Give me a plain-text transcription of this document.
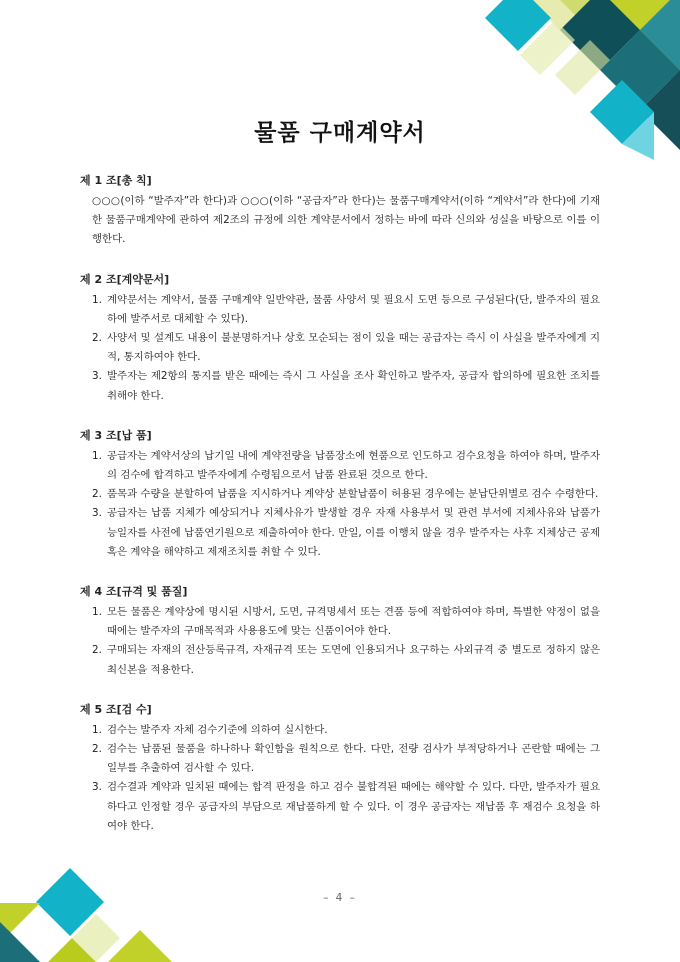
물품 구매계약서
제 1 조[총 칙]

○○○(이하 “발주자”라 한다)과 ○○○(이하 “공급자”라 한다)는 물품구매계약서(이하 “계약서”라 한다)에 기재한 물품구매계약에 관하여 제2조의 규정에 의한 계약문서에서 정하는 바에 따라 신의와 성실을 바탕으로 이를 이행한다.

제 2 조[계약문서]
1. 계약문서는 계약서, 물품 구매계약 일반약관, 물품 사양서 및 필요시 도면 등으로 구성된다(단, 발주자의 필요 하에 발주서로 대체할 수 있다).
2. 사양서 및 설계도 내용이 불분명하거나 상호 모순되는 점이 있을 때는 공급자는 즉시 이 사실을 발주자에게 지적, 통지하여야 한다.
3. 발주자는 제2항의 통지를 받은 때에는 즉시 그 사실을 조사 확인하고 발주자, 공급자 합의하에 필요한 조치를 취해야 한다.
제 3 조[납 품]
1. 공급자는 계약서상의 납기일 내에 계약전량을 납품장소에 현품으로 인도하고 검수요청을 하여야 하며, 발주자의 검수에 합격하고 발주자에게 수령됨으로서 납품 완료된 것으로 한다.
2. 품목과 수량을 분할하여 납품을 지시하거나 계약상 분할납품이 허용된 경우에는 분납단위별로 검수 수령한다.
3. 공급자는 납품 지체가 예상되거나 지체사유가 발생할 경우 자재 사용부서 및 관련 부서에 지체사유와 납품가능일자를 사전에 납품연기원으로 제출하여야 한다. 만일, 이를 이행치 않을 경우 발주자는 사후 지체상근 공제 혹은 계약을 해약하고 제재조치를 취할 수 있다.
제 4 조[규격 및 품질]
1. 모든 물품은 계약상에 명시된 시방서, 도면, 규격명세서 또는 견품 등에 적합하여야 하며, 특별한 약정이 없을 때에는 발주자의 구매목적과 사용용도에 맞는 신품이어야 한다.
2. 구매되는 자재의 전산등록규격, 자재규격 또는 도면에 인용되거나 요구하는 사외규격 중 별도로 정하지 않은 최신본을 적용한다.
제 5 조[검 수]
1. 검수는 발주자 자체 검수기준에 의하여 실시한다.
2. 검수는 납품된 물품을 하나하나 확인함을 원칙으로 한다. 다만, 전량 검사가 부적당하거나 곤란할 때에는 그 일부를 추출하여 검사할 수 있다.
3. 검수결과 계약과 일치된 때에는 합격 판정을 하고 검수 불합격된 때에는 해약할 수 있다. 다만, 발주자가 필요하다고 인정할 경우 공급자의 부담으로 재납품하게 할 수 있다. 이 경우 공급자는 재납품 후 재검수 요청을 하여야 한다.
– 4 –
